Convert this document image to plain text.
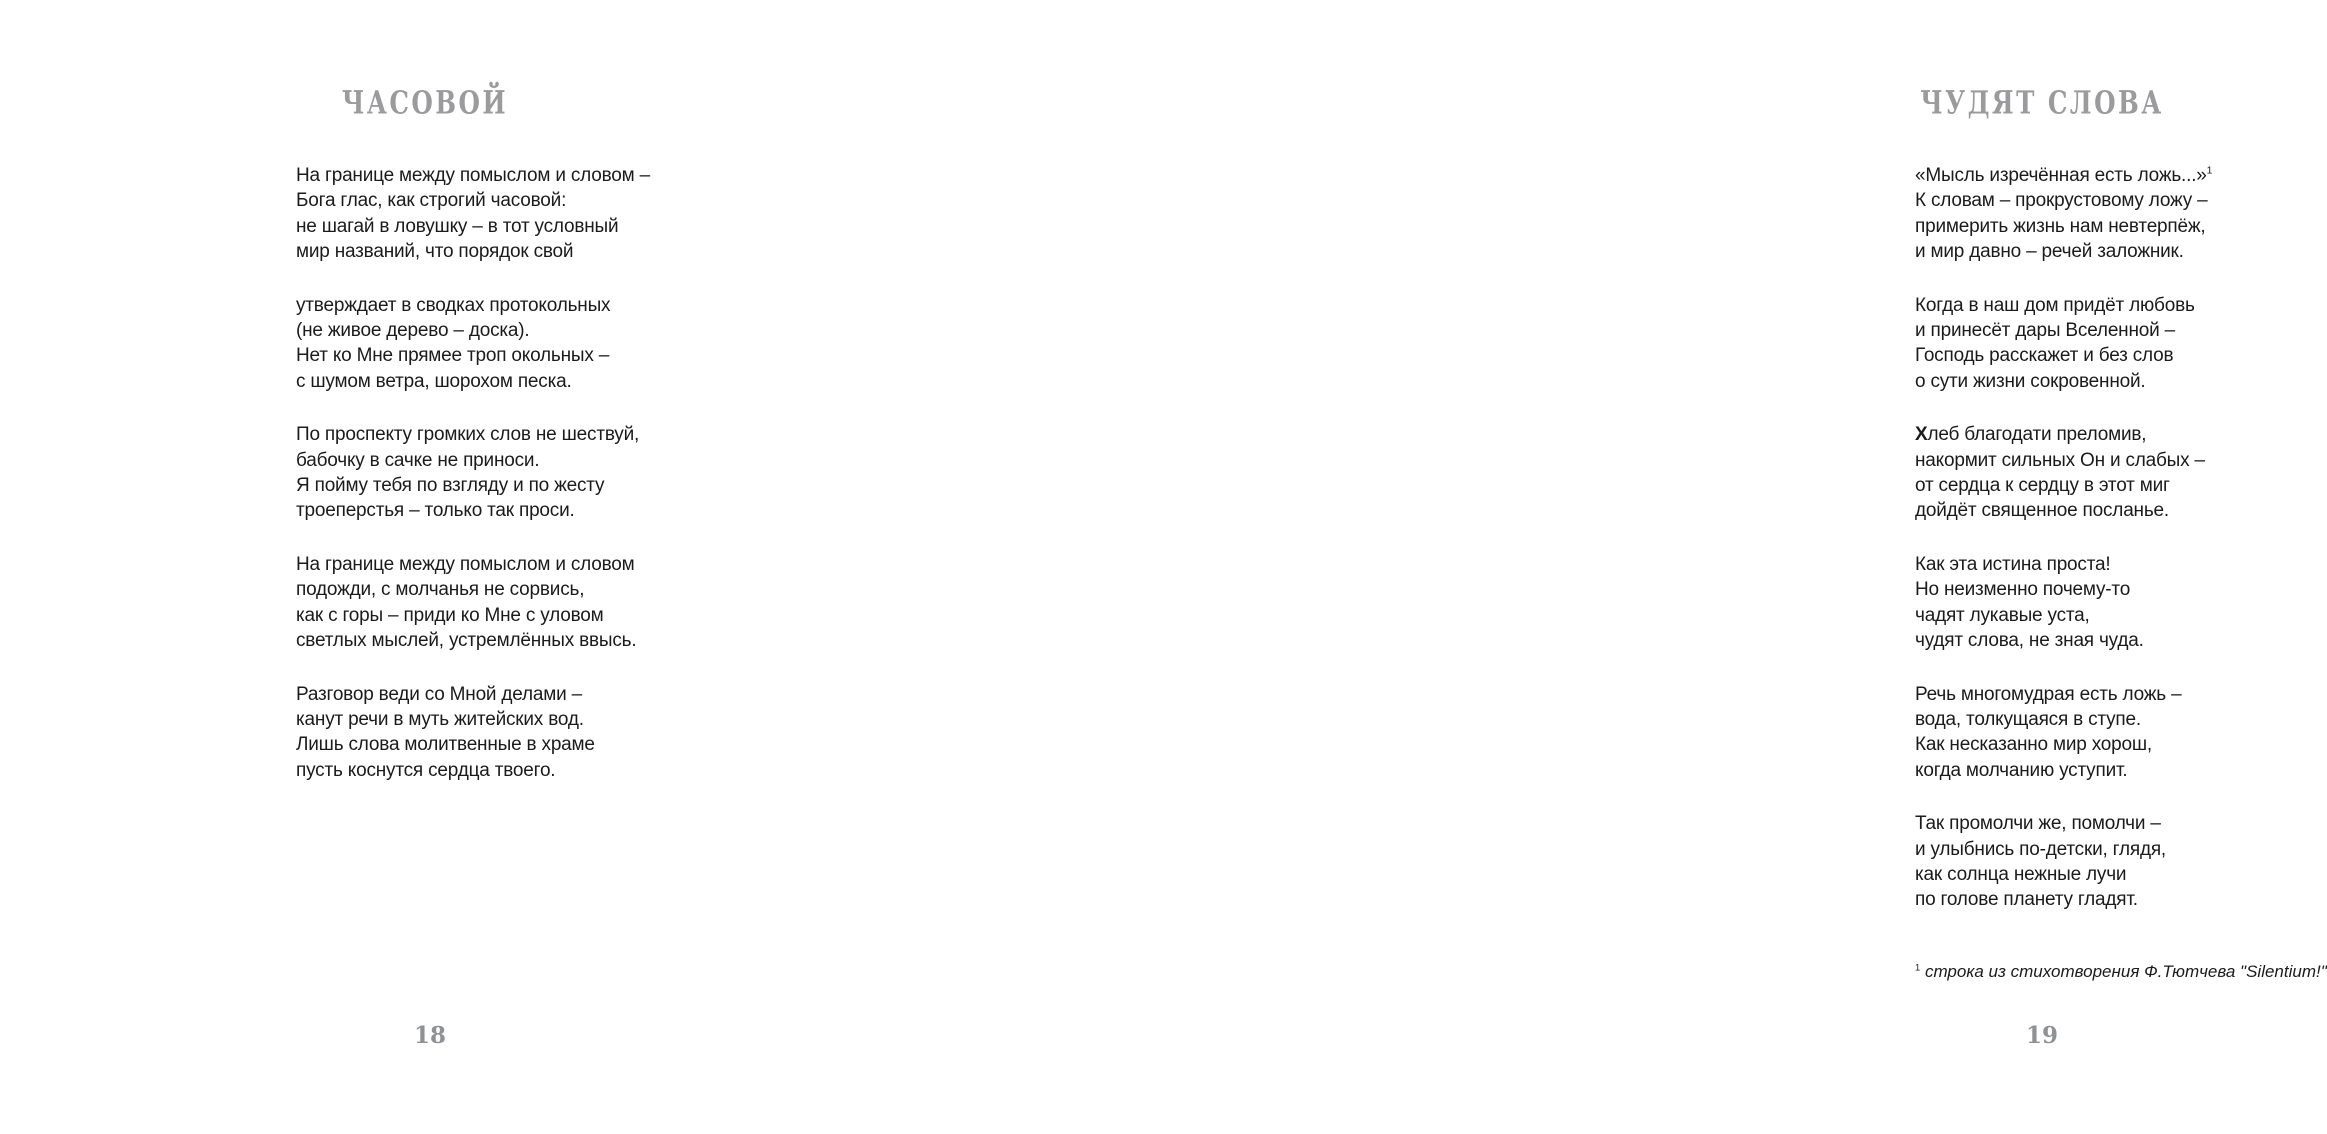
ЧАСОВОЙ
На границе между помыслом и словом –
Бога глас, как строгий часовой:
не шагай в ловушку – в тот условный
мир названий, что порядок свой
утверждает в сводках протокольных
(не живое дерево – доска).
Нет ко Мне прямее троп окольных –
с шумом ветра, шорохом песка.
По проспекту громких слов не шествуй,
бабочку в сачке не приноси.
Я пойму тебя по взгляду и по жесту
троеперстья – только так проси.
На границе между помыслом и словом
подожди, с молчанья не сорвись,
как с горы – приди ко Мне с уловом
светлых мыслей, устремлённых ввысь.
Разговор веди со Мной делами –
канут речи в муть житейских вод.
Лишь слова молитвенные в храме
пусть коснутся сердца твоего.
18
ЧУДЯТ СЛОВА
«Мысль изречённая есть ложь...»$^1$
К словам – прокрустовому ложу –
примерить жизнь нам невтерпёж,
и мир давно – речей заложник.
Когда в наш дом придёт любовь
и принесёт дары Вселенной –
Господь расскажет и без слов
о сути жизни сокровенной.
Хлеб благодати преломив,
накормит сильных Он и слабых –
от сердца к сердцу в этот миг
дойдёт священное посланье.
Как эта истина проста!
Но неизменно почему-то
чадят лукавые уста,
чудят слова, не зная чуда.
Речь многомудрая есть ложь –
вода, толкущаяся в ступе.
Как несказанно мир хорош,
когда молчанию уступит.
Так промолчи же, помолчи –
и улыбнись по-детски, глядя,
как солнца нежные лучи
по голове планету гладят.
$^1$ строка из стихотворения Ф.Тютчева "Silentium!"
19
